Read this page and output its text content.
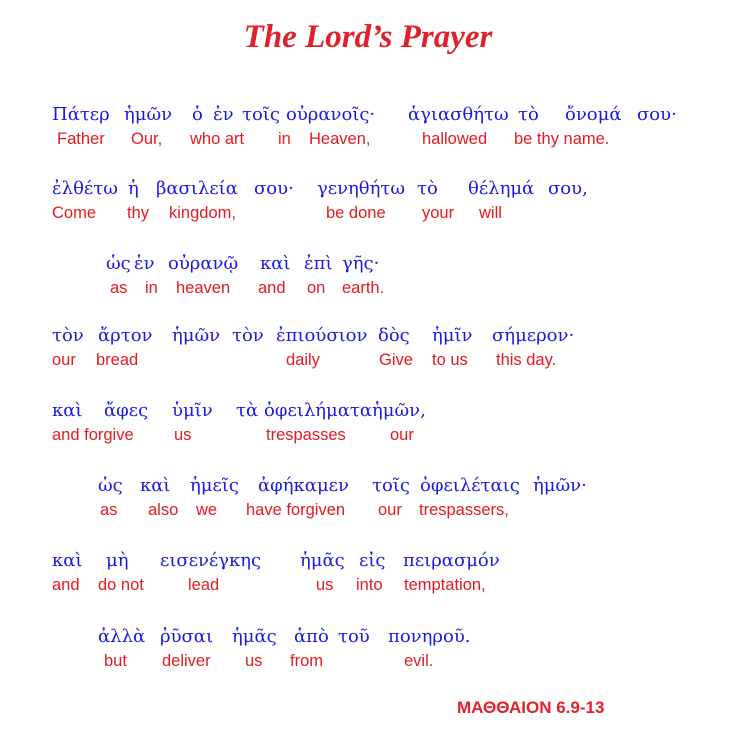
The Lord’s Prayer
Πάτερ ἡμῶν ὁ ἐν τοῖς οὐρανοῖς· ἁγιασθήτω τὸ ὄνομά σου·
Father Our, who art in Heaven,	hallowed be thy name.
ἐλθέτω ἡ βασιλεία σου· γενηθήτω τὸ θέλημά σου,
Come thy kingdom,	be done your will
ὡς ἐν οὐρανῷ καὶ ἐπὶ γῆς·
as in heaven and on earth.
τὸν ἄρτον ἡμῶν τὸν ἐπιούσιον δὸς ἡμῖν σήμερον·
our bread	daily	Give to us this day.
καὶ ἄφες ὑμῖν τὰ ὀφειλήματα ἡμῶν,
and forgive us	trespasses	our
ὡς καὶ ἡμεῖς ἀφήκαμεν τοῖς ὀφειλέταις ἡμῶν·
as also we have forgiven our trespassers,
καὶ μὴ εισενέγκης ἡμᾶς εἰς πειρασμόν
and do not	lead	us into temptation,
ἀλλὰ ῥῦσαι ἡμᾶς ἀπὸ τοῦ πονηροῦ.
but deliver us from	evil.
ΜΑΘΘΑΙΟΝ 6.9-13
